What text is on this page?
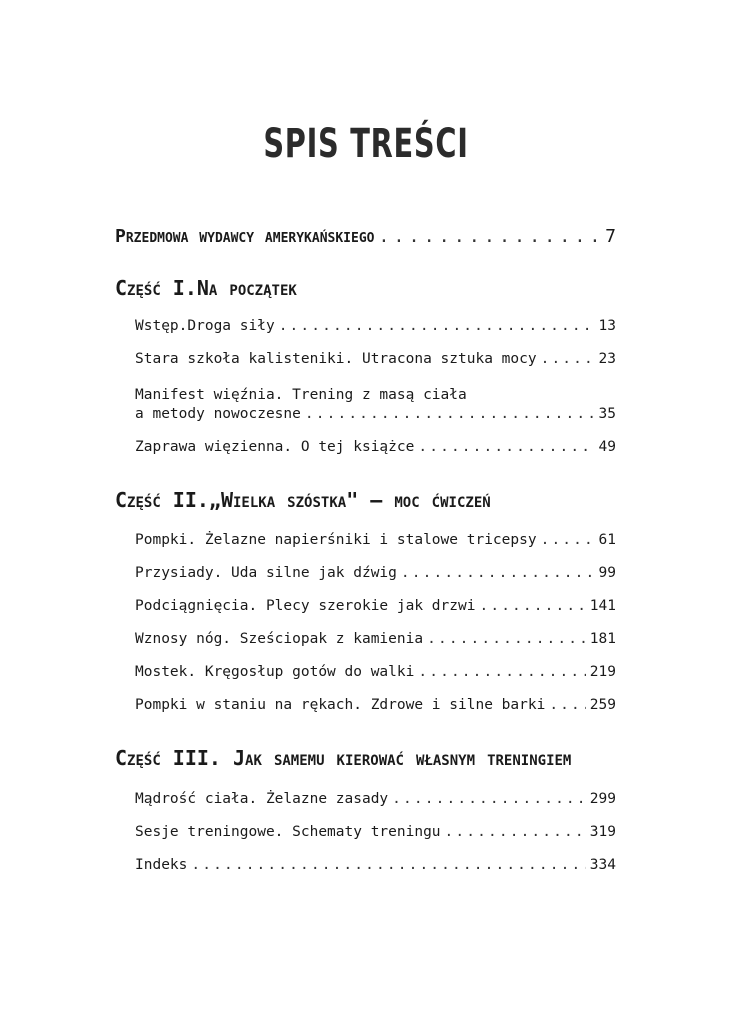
SPIS TREŚCI
Przedmowa wydawcy amerykańskiego . . .	7
Część I.Na początek
Wstęp.Droga siły . . .	13
Stara szkoła kalisteniki. Utracona sztuka mocy . . .	23
Manifest więźnia. Trening z masą ciała
a metody nowoczesne . . .	35
Zaprawa więzienna. O tej książce . . .	49
Część II.„Wielka szóstka" – moc ćwiczeń
Pompki. Żelazne napierśniki i stalowe tricepsy . . .	61
Przysiady. Uda silne jak dźwig . . .	99
Podciągnięcia. Plecy szerokie jak drzwi . . .	141
Wznosy nóg. Sześciopak z kamienia . . .	181
Mostek. Kręgosłup gotów do walki . . .	219
Pompki w staniu na rękach. Zdrowe i silne barki . . .	259
Część III. Jak samemu kierować własnym treningiem
Mądrość ciała. Żelazne zasady . . .	299
Sesje treningowe. Schematy treningu . . .	319
Indeks . . .	334
